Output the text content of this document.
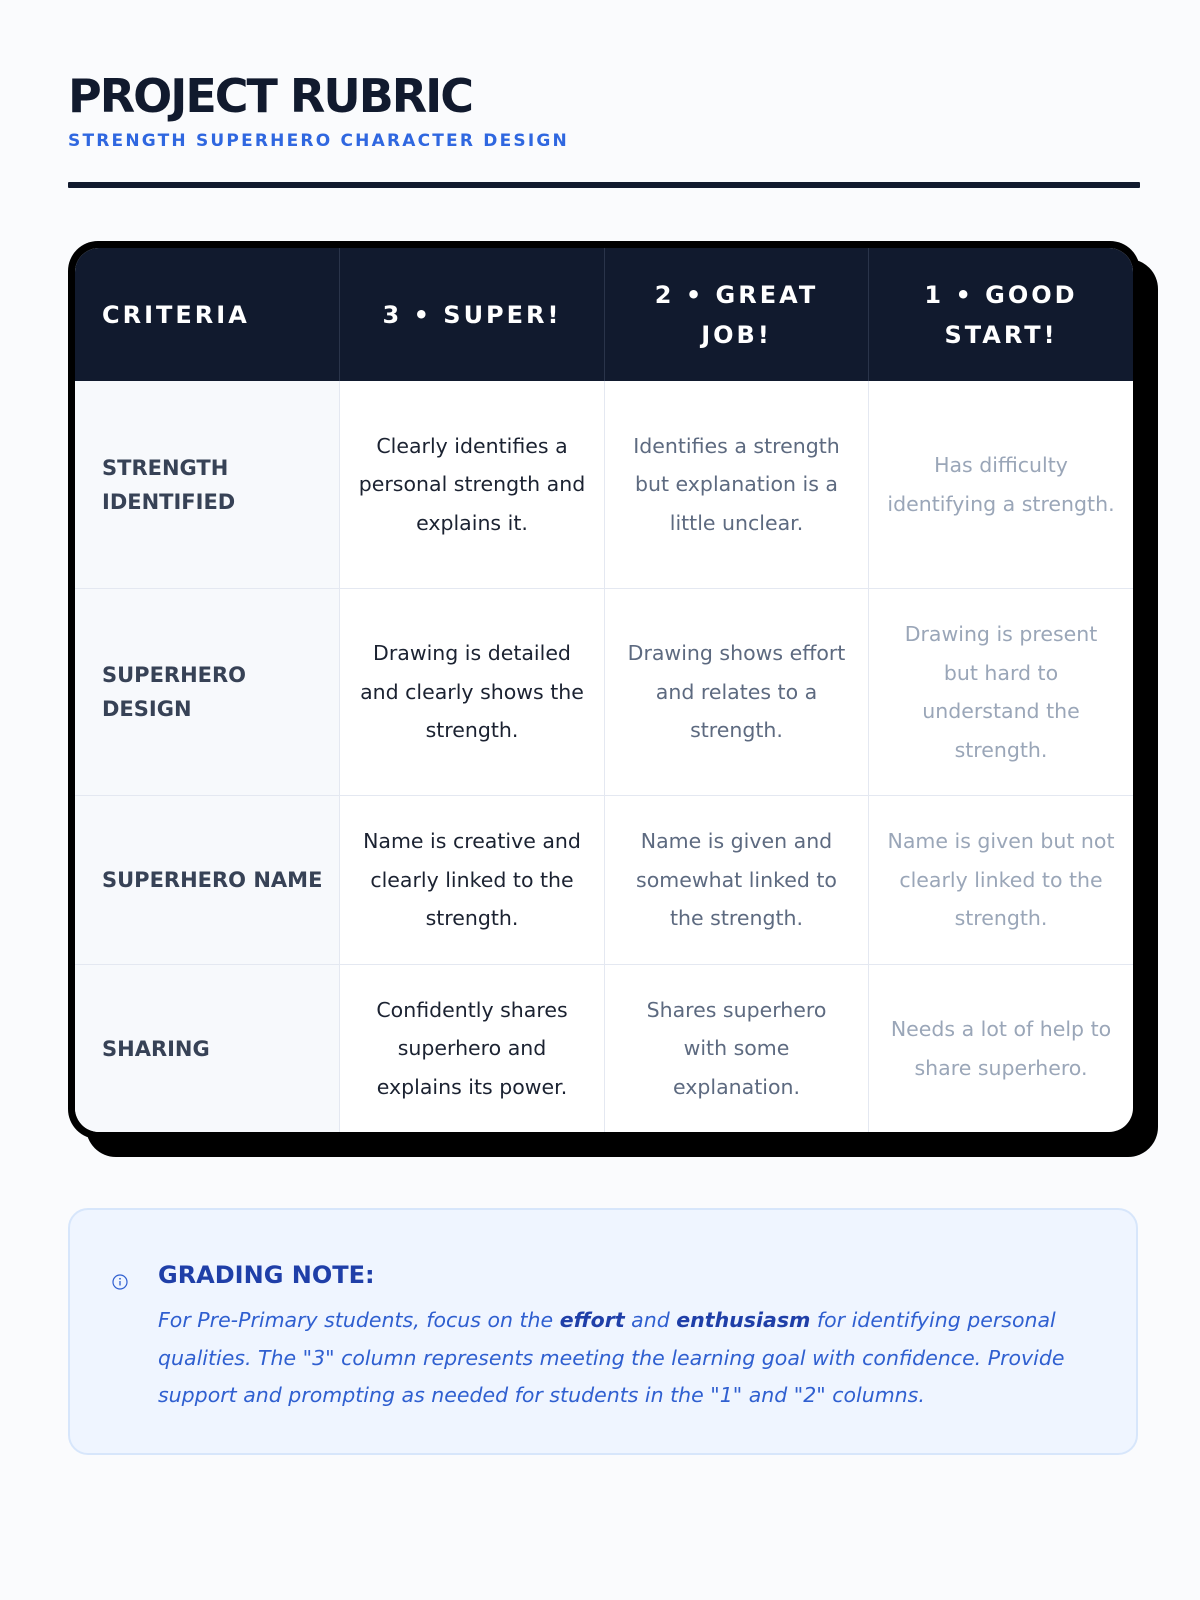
PROJECT RUBRIC
STRENGTH SUPERHERO CHARACTER DESIGN
CRITERIA	3 • SUPER!
2 • GREAT JOB!
1 • GOOD START!
STRENGTH IDENTIFIED
Clearly identifies a personal strength and explains it.
Identifies a strength but explanation is a little unclear.
Has difficulty identifying a strength.
SUPERHERO DESIGN
Drawing is detailed and clearly shows the strength.
Drawing shows effort and relates to a strength.
Drawing is present but hard to understand the strength.
SUPERHERO NAME
Name is creative and clearly linked to the strength.
Name is given and somewhat linked to the strength.
Name is given but not clearly linked to the strength.
SHARING
Confidently shares superhero and explains its power.
Shares superhero with some explanation.
Needs a lot of help to share superhero.
GRADING NOTE:
For Pre-Primary students, focus on the effort and enthusiasm for identifying personal qualities. The "3" column represents meeting the learning goal with confidence. Provide support and prompting as needed for students in the "1" and "2" columns.
